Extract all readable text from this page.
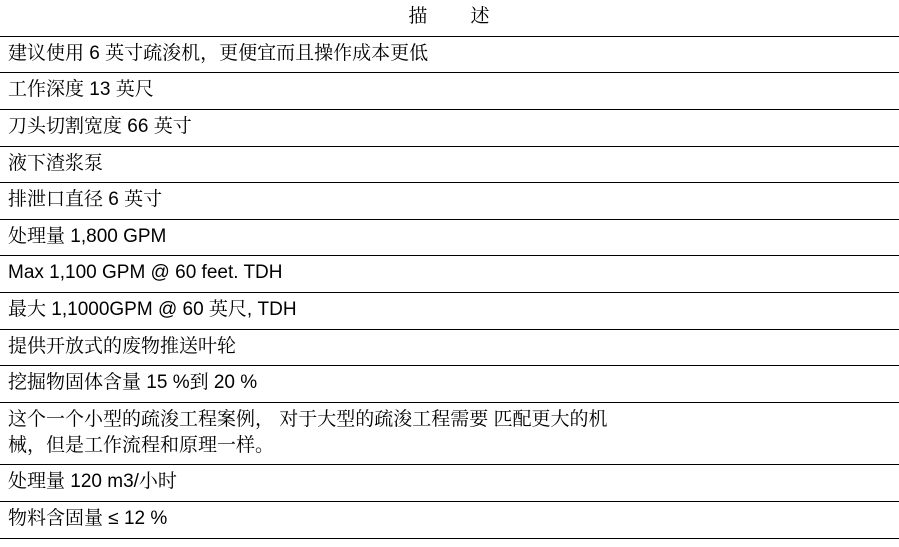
描 述
建议使用 6 英寸疏浚机，更便宜而且操作成本更低
工作深度 13 英尺
刀头切割宽度 66 英寸
液下渣浆泵
排泄口直径 6 英寸
处理量 1,800 GPM
Max 1,100 GPM @ 60 feet. TDH
最大 1,1000GPM @ 60 英尺, TDH
提供开放式的废物推送叶轮
挖掘物固体含量 15 %到 20 %

这个一个小型的疏浚工程案例， 对于大型的疏浚工程需要 匹配更大的机
械，但是工作流程和原理一样。

处理量 120 m3/小时
物料含固量 ≤ 12 %
